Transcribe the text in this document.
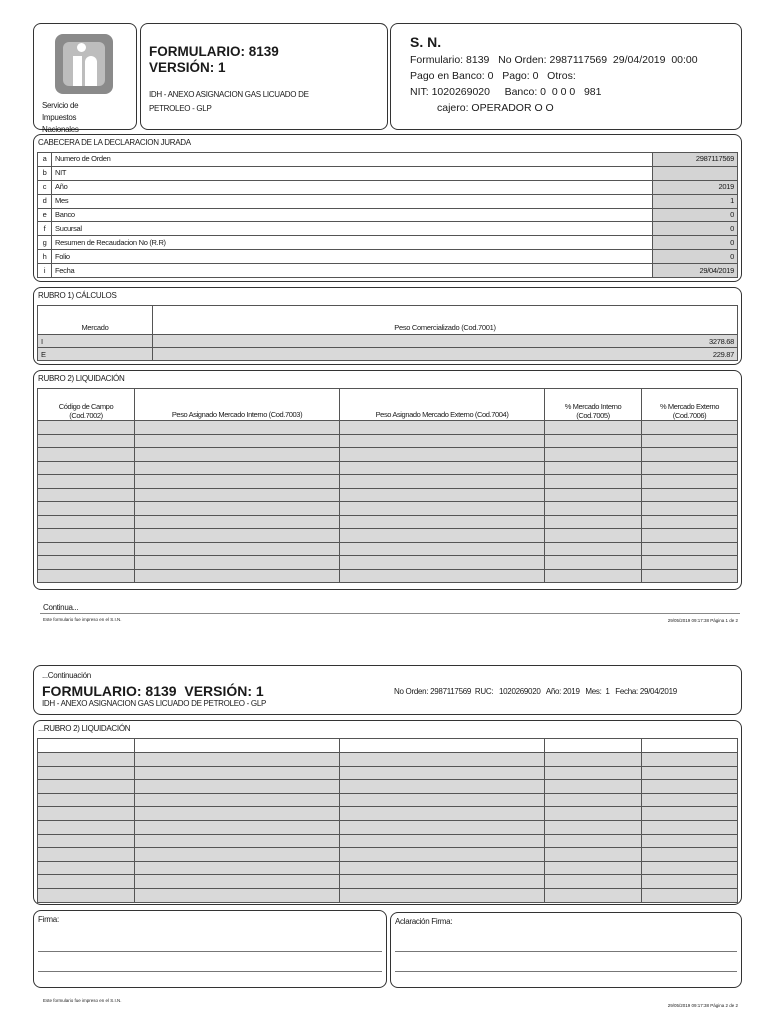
Servicio de Impuestos Nacionales
FORMULARIO: 8139
VERSIÓN: 1
IDH - ANEXO ASIGNACION GAS LICUADO DE PETROLEO - GLP
S. N.
Formulario: 8139   No Orden: 2987117569  29/04/2019  00:00
Pago en Banco: 0   Pago: 0   Otros:
NIT: 1020269020     Banco: 0  0 0 0   981
cajero: OPERADOR O O
CABECERA DE LA DECLARACION JURADA
a	Numero de Orden	2987117569
b	NIT	
c	Año	2019
d	Mes	1
e	Banco	0
f	Sucursal	0
g	Resumen de Recaudacion No (R.R)	0
h	Folio	0
i	Fecha	29/04/2019
RUBRO 1) CÁLCULOS
Mercado	Peso Comercializado (Cod.7001)
I	3278.68
E	229.87
RUBRO 2) LIQUIDACIÓN
Código de Campo (Cod.7002)	Peso Asignado Mercado Interno (Cod.7003)	Peso Asignado Mercado Externo (Cod.7004)	% Mercado Interno (Cod.7005)	% Mercado Externo (Cod.7006)

Continua...
Este formulario fue impreso en el S.I.N.	29/05/2019 09:17:38 Página 1 de 2
...Continuación
FORMULARIO: 8139  VERSIÓN: 1
IDH - ANEXO ASIGNACION GAS LICUADO DE PETROLEO - GLP
No Orden: 2987117569  RUC:   1020269020   Año: 2019   Mes:  1   Fecha: 29/04/2019
...RUBRO 2) LIQUIDACIÓN

Firma:	Aclaración Firma:
Este formulario fue impreso en el S.I.N.
29/05/2019 09:17:38 Página 2 de 2
